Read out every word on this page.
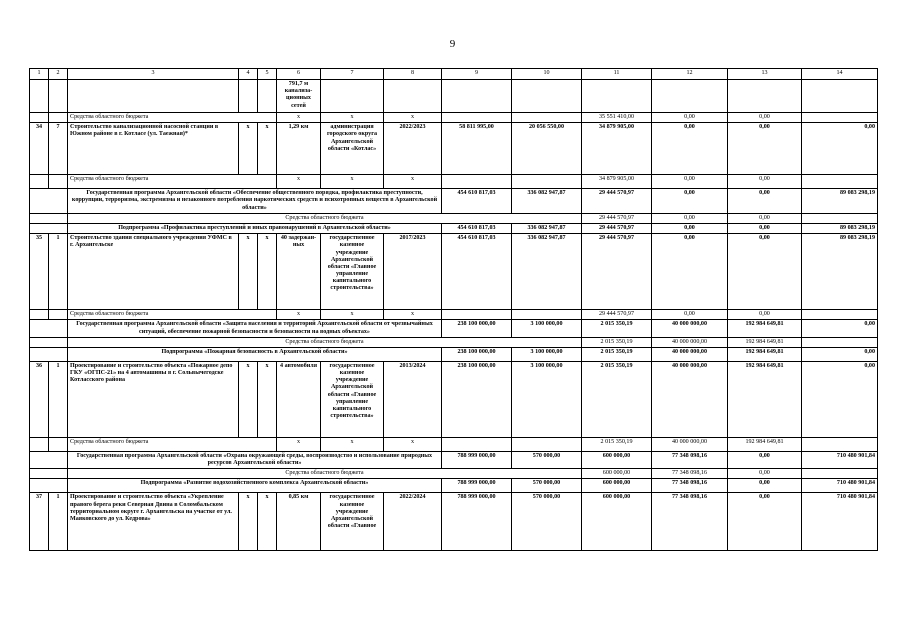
9
1	2	3	4	5	6	7	8	9	10	11	12	13	14
					791,7 м канализа-ционных сетей								
		Средства областного бюджета			х	х	х			35 551 410,00	0,00	0,00	
34	7	Строительство канализационной насосной станции в Южном районе в г. Котласе (ул. Таежная)*	х	х	1,29 км	администрация городского округа Архангельской области «Котлас»	2022/2023	58 811 995,00	20 056 550,00	34 879 905,00	0,00	0,00	0,00
		Средства областного бюджета			х	х	х			34 879 905,00	0,00	0,00	
		Государственная программа Архангельской области «Обеспечение общественного порядка, профилактика преступности, коррупции, терроризма, экстремизма и незаконного потребления наркотических средств и психотропных веществ в Архангельской области»						454 610 817,03	336 082 947,87	29 444 570,97	0,00	0,00	89 083 298,19
		Средства областного бюджета								29 444 570,97	0,00	0,00	
		Подпрограмма «Профилактика преступлений и иных правонарушений в Архангельской области»						454 610 817,03	336 082 947,87	29 444 570,97	0,00	0,00	89 083 298,19
35	1	Строительство здания специального учреждения УФМС в г. Архангельске	х	х	40 задержан-ных	государственное казенное учреждение Архангельской области «Главное управление капитального строительства»	2017/2023	454 610 817,03	336 082 947,87	29 444 570,97	0,00	0,00	89 083 298,19
		Средства областного бюджета			х	х	х			29 444 570,97	0,00	0,00	
		Государственная программа Архангельской области «Защита населения и территорий Архангельской области от чрезвычайных ситуаций, обеспечение пожарной безопасности и безопасности на водных объектах»						238 100 000,00	3 100 000,00	2 015 350,19	40 000 000,00	192 984 649,81	0,00
		Средства областного бюджета								2 015 350,19	40 000 000,00	192 984 649,81	
		Подпрограмма «Пожарная безопасность в Архангельской области»						238 100 000,00	3 100 000,00	2 015 350,19	40 000 000,00	192 984 649,81	0,00
36	1	Проектирование и строительство объекта «Пожарное депо ГКУ «ОГПС-21» на 4 автомашины в г. Сольвычегодске Котласского района	х	х	4 автомобиля	государственное казенное учреждение Архангельской области «Главное управление капитального строительства»	2013/2024	238 100 000,00	3 100 000,00	2 015 350,19	40 000 000,00	192 984 649,81	0,00
		Средства областного бюджета			х	х	х			2 015 350,19	40 000 000,00	192 984 649,81	
		Государственная программа Архангельской области «Охрана окружающей среды, воспроизводство и использование природных ресурсов Архангельской области»						788 999 000,00	570 000,00	600 000,00	77 348 098,16	0,00	710 480 901,84
		Средства областного бюджета								600 000,00	77 348 098,16	0,00	
		Подпрограмма «Развитие водохозяйственного комплекса Архангельской области»						788 999 000,00	570 000,00	600 000,00	77 348 098,16	0,00	710 480 901,84
37	1	Проектирование и строительство объекта «Укрепление правого берега реки Северная Двина в Соломбальском территориальном округе г. Архангельска на участке от ул. Маяковского до ул. Кедрова»	х	х	0,85 км	государственное казенное учреждение Архангельской области «Главное	2022/2024	788 999 000,00	570 000,00	600 000,00	77 348 098,16	0,00	710 480 901,84
